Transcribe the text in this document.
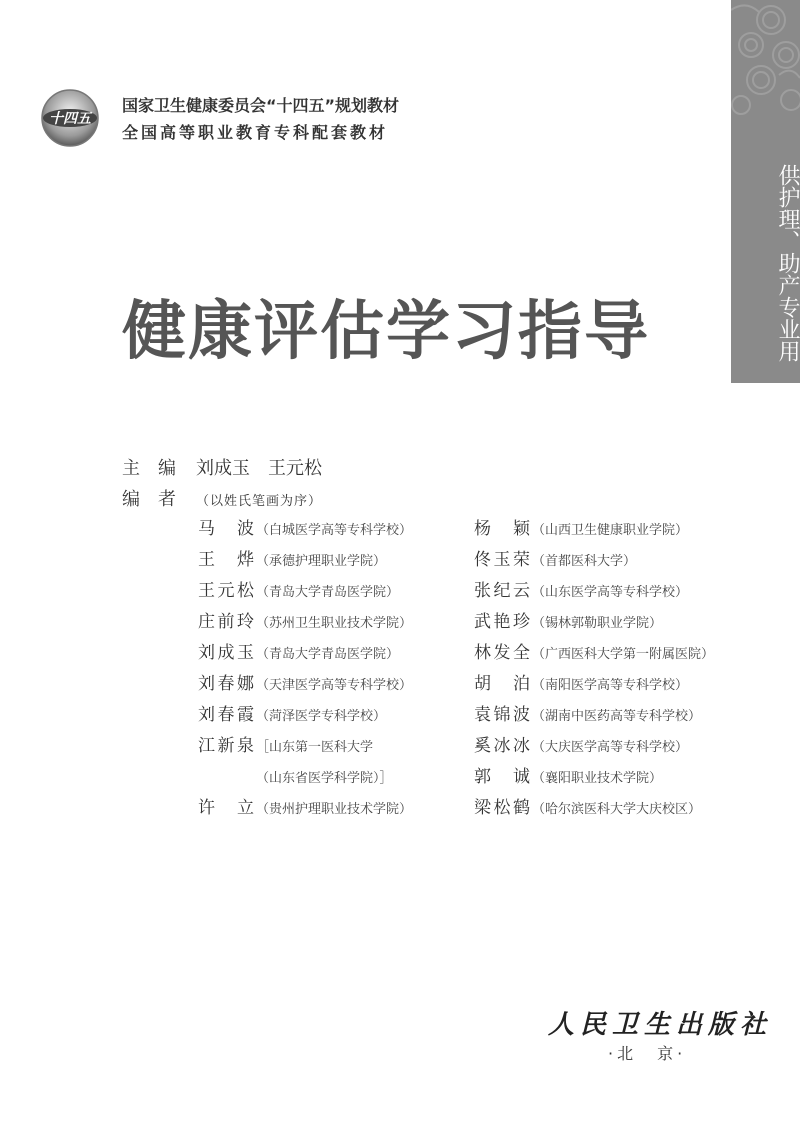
供护理、助产专业用
十四五
国家卫生健康委员会“十四五”规划教材
全国高等职业教育专科配套教材
健康评估学习指导
主编 刘成玉　王元松
编者 （以姓氏笔画为序）
马　波 （白城医学高等专科学校）
王　烨 （承德护理职业学院）
王元松 （青岛大学青岛医学院）
庄前玲 （苏州卫生职业技术学院）
刘成玉 （青岛大学青岛医学院）
刘春娜 （天津医学高等专科学校）
刘春霞 （菏泽医学专科学校）
江新泉 ［山东第一医科大学
（山东省医学科学院）］
许　立 （贵州护理职业技术学院）
杨　颖 （山西卫生健康职业学院）
佟玉荣 （首都医科大学）
张纪云 （山东医学高等专科学校）
武艳珍 （锡林郭勒职业学院）
林发全 （广西医科大学第一附属医院）
胡　泊 （南阳医学高等专科学校）
袁锦波 （湖南中医药高等专科学校）
奚冰冰 （大庆医学高等专科学校）
郭　诚 （襄阳职业技术学院）
梁松鹤 （哈尔滨医科大学大庆校区）
人民卫生出版社
·北　京·
